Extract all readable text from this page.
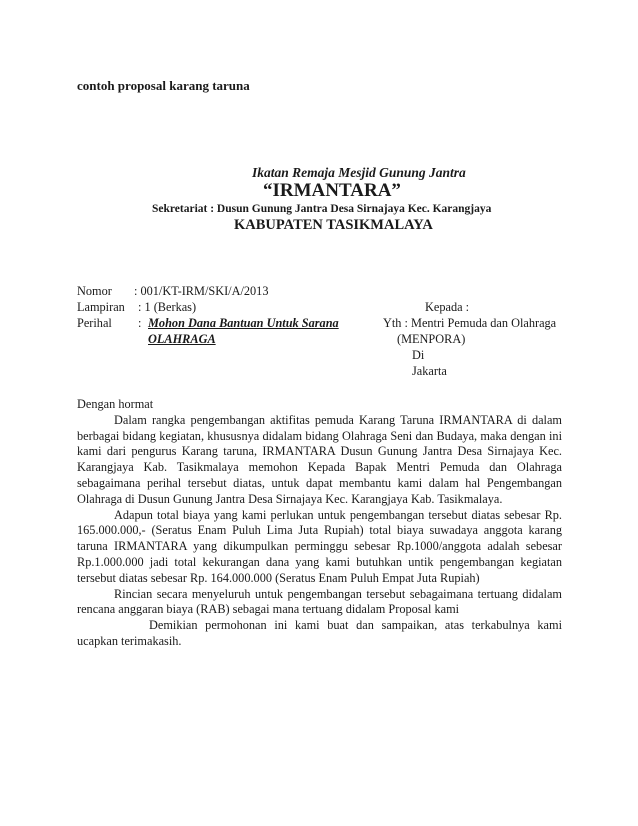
contoh proposal karang taruna
Ikatan Remaja Mesjid Gunung Jantra
“IRMANTARA”
Sekretariat : Dusun Gunung Jantra Desa Sirnajaya Kec. Karangjaya
KABUPATEN TASIKMALAYA
Nomor : 001/KT-IRM/SKI/A/2013
Lampiran : 1 (Berkas)
Perihal : Mohon Dana Bantuan Untuk Sarana
OLAHRAGA
Kepada :
Yth : Mentri Pemuda dan Olahraga
(MENPORA)
Di
Jakarta

Dengan hormat

Dalam rangka pengembangan aktifitas pemuda Karang Taruna IRMANTARA di dalam berbagai bidang kegiatan, khususnya didalam bidang Olahraga Seni dan Budaya, maka dengan ini kami dari pengurus Karang taruna, IRMANTARA Dusun Gunung Jantra Desa Sirnajaya Kec. Karangjaya Kab. Tasikmalaya memohon Kepada Bapak Mentri Pemuda dan Olahraga sebagaimana perihal tersebut diatas, untuk dapat membantu kami dalam hal Pengembangan Olahraga di Dusun Gunung Jantra Desa Sirnajaya Kec. Karangjaya Kab. Tasikmalaya.

Adapun total biaya yang kami perlukan untuk pengembangan tersebut diatas sebesar Rp. 165.000.000,- (Seratus Enam Puluh Lima Juta Rupiah) total biaya suwadaya anggota karang taruna IRMANTARA yang dikumpulkan perminggu sebesar Rp.1000/anggota adalah sebesar Rp.1.000.000 jadi total kekurangan dana yang kami butuhkan untik pengembangan kegiatan tersebut diatas sebesar Rp. 164.000.000 (Seratus Enam Puluh Empat Juta Rupiah)

Rincian secara menyeluruh untuk pengembangan tersebut sebagaimana tertuang didalam rencana anggaran biaya (RAB) sebagai mana tertuang didalam Proposal kami

Demikian permohonan ini kami buat dan sampaikan, atas terkabulnya kami ucapkan terimakasih.
